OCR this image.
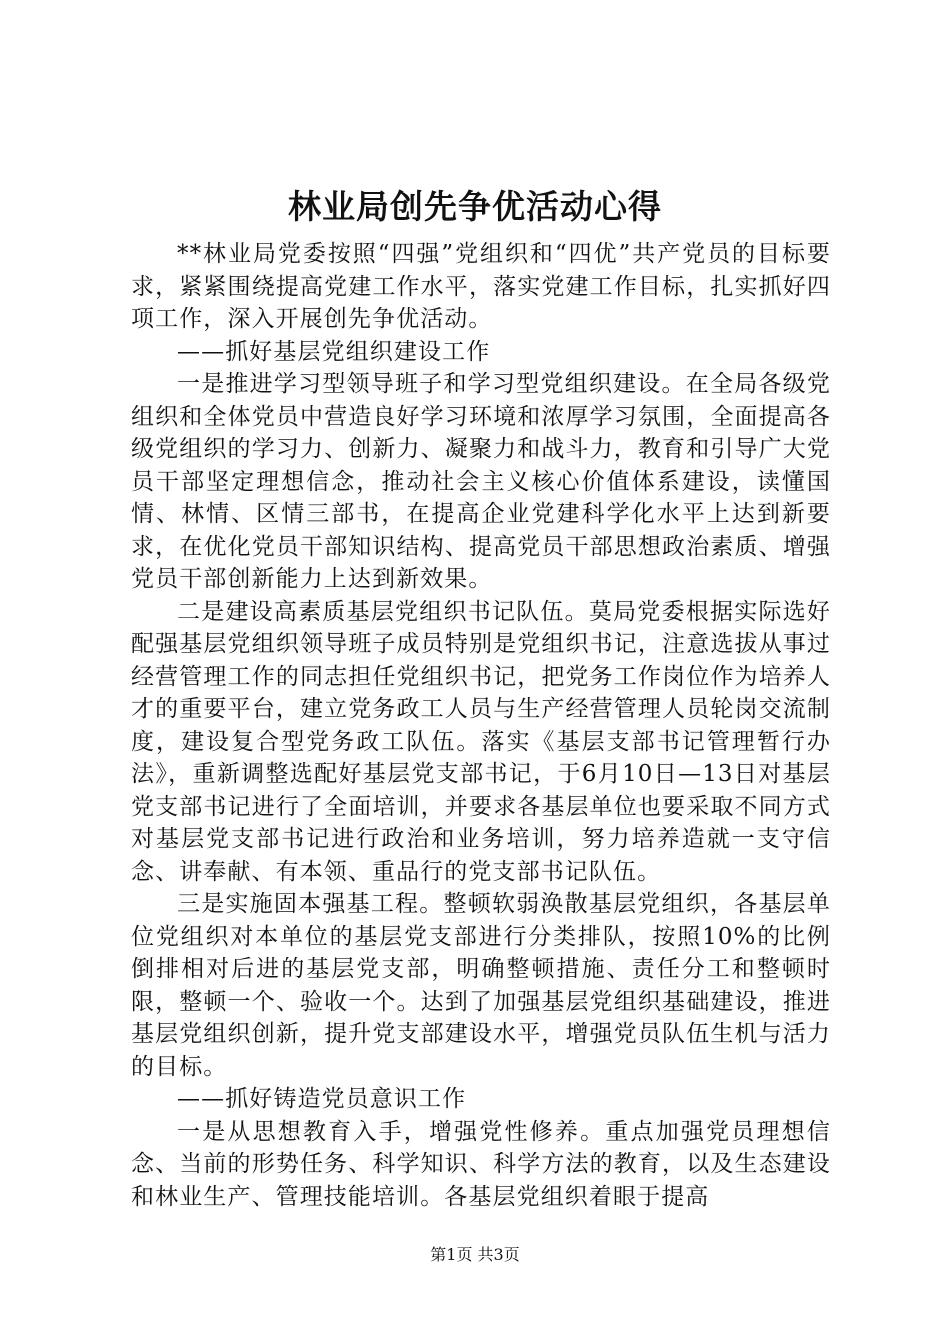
林业局创先争优活动心得

**林业局党委按照“四强”党组织和“四优”共产党员的目标要求，紧紧围绕提高党建工作水平，落实党建工作目标，扎实抓好四项工作，深入开展创先争优活动。

——抓好基层党组织建设工作

一是推进学习型领导班子和学习型党组织建设。在全局各级党组织和全体党员中营造良好学习环境和浓厚学习氛围，全面提高各级党组织的学习力、创新力、凝聚力和战斗力，教育和引导广大党员干部坚定理想信念，推动社会主义核心价值体系建设，读懂国情、林情、区情三部书，在提高企业党建科学化水平上达到新要求，在优化党员干部知识结构、提高党员干部思想政治素质、增强党员干部创新能力上达到新效果。

二是建设高素质基层党组织书记队伍。莫局党委根据实际选好配强基层党组织领导班子成员特别是党组织书记，注意选拔从事过经营管理工作的同志担任党组织书记，把党务工作岗位作为培养人才的重要平台，建立党务政工人员与生产经营管理人员轮岗交流制度，建设复合型党务政工队伍。落实《基层支部书记管理暂行办法》，重新调整选配好基层党支部书记，于6月10日—13日对基层党支部书记进行了全面培训，并要求各基层单位也要采取不同方式对基层党支部书记进行政治和业务培训，努力培养造就一支守信念、讲奉献、有本领、重品行的党支部书记队伍。

三是实施固本强基工程。整顿软弱涣散基层党组织，各基层单位党组织对本单位的基层党支部进行分类排队，按照10%的比例倒排相对后进的基层党支部，明确整顿措施、责任分工和整顿时限，整顿一个、验收一个。达到了加强基层党组织基础建设，推进基层党组织创新，提升党支部建设水平，增强党员队伍生机与活力的目标。

——抓好铸造党员意识工作

一是从思想教育入手，增强党性修养。重点加强党员理想信念、当前的形势任务、科学知识、科学方法的教育，以及生态建设和林业生产、管理技能培训。各基层党组织着眼于提高

第1页 共3页
